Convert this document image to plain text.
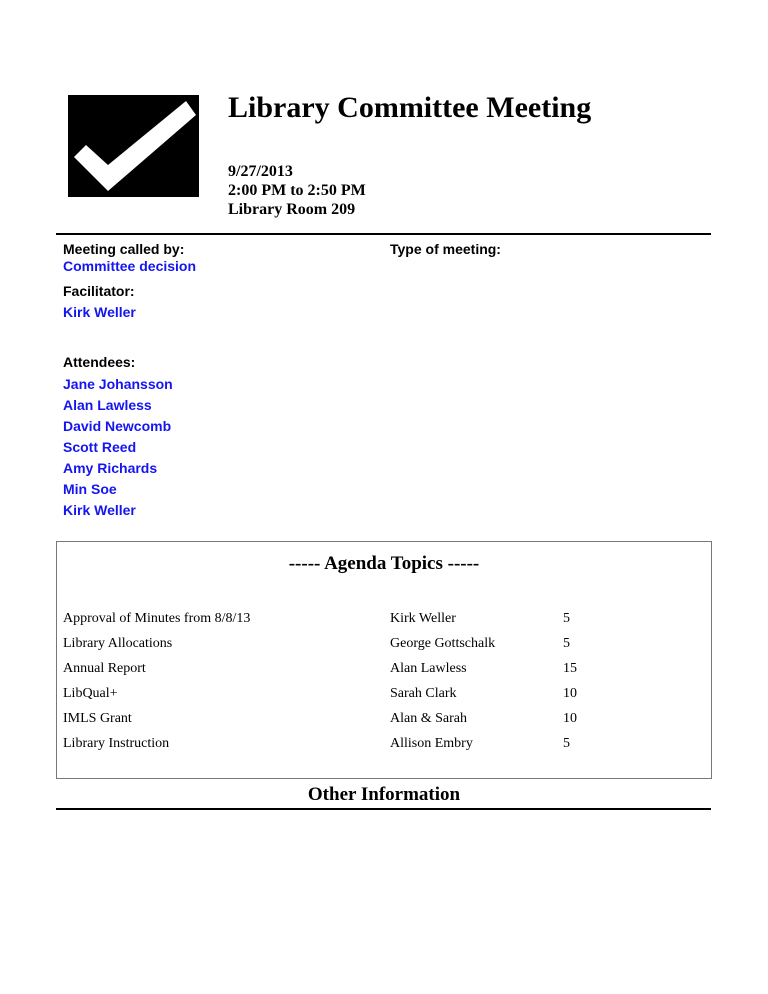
Library Committee Meeting
9/27/2013
2:00 PM to 2:50 PM
Library Room 209
Meeting called by:
Committee decision
Type of meeting:
Facilitator:
Kirk Weller
Attendees:
Jane Johansson
Alan Lawless
David Newcomb
Scott Reed
Amy Richards
Min Soe
Kirk Weller
----- Agenda Topics -----
Approval of Minutes from 8/8/13	Kirk Weller	5
Library Allocations	George Gottschalk	5
Annual Report	Alan Lawless	15
LibQual+	Sarah Clark	10
IMLS Grant	Alan & Sarah	10
Library Instruction	Allison Embry	5
Other Information
